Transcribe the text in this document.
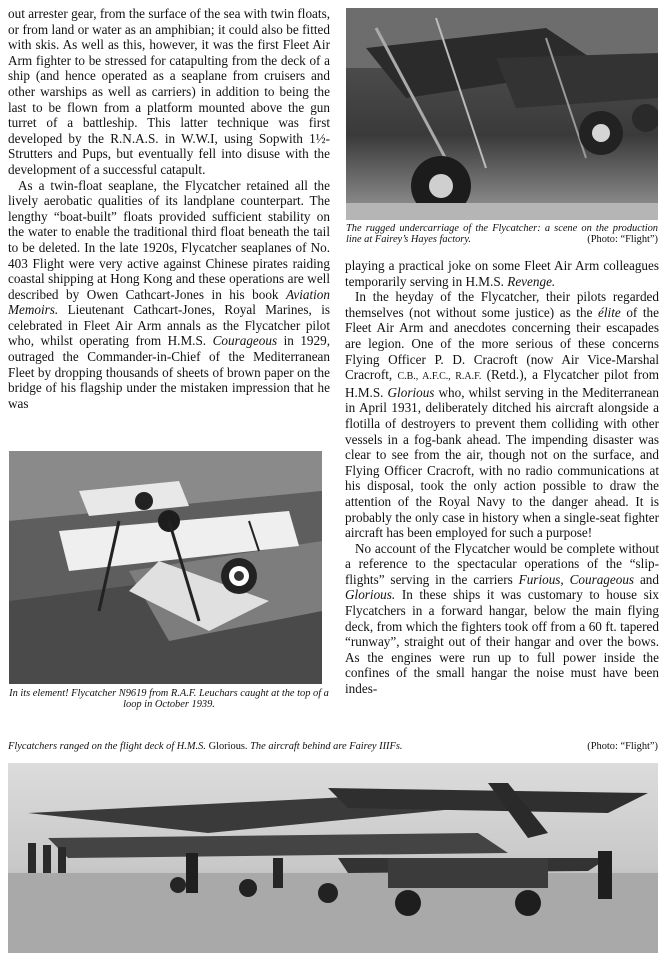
out arrester gear, from the surface of the sea with twin floats, or from land or water as an amphibian; it could also be fitted with skis. As well as this, however, it was the first Fleet Air Arm fighter to be stressed for catapulting from the deck of a ship (and hence operated as a seaplane from cruisers and other warships as well as carriers) in addition to being the last to be flown from a platform mounted above the gun turret of a battleship. This latter technique was first developed by the R.N.A.S. in W.W.I, using Sopwith 1½-Strutters and Pups, but eventually fell into disuse with the development of a successful catapult.

As a twin-float seaplane, the Flycatcher retained all the lively aerobatic qualities of its landplane counterpart. The lengthy “boat-built” floats provided sufficient stability on the water to enable the traditional third float beneath the tail to be deleted. In the late 1920s, Flycatcher seaplanes of No. 403 Flight were very active against Chinese pirates raiding coastal shipping at Hong Kong and these operations are well described by Owen Cathcart-Jones in his book Aviation Memoirs. Lieutenant Cathcart-Jones, Royal Marines, is celebrated in Fleet Air Arm annals as the Flycatcher pilot who, whilst operating from H.M.S. Courageous in 1929, outraged the Commander-in-Chief of the Mediterranean Fleet by dropping thousands of sheets of brown paper on the bridge of his flagship under the mistaken impression that he was

The rugged undercarriage of the Flycatcher: a scene on the production line at Fairey’s Hayes factory.	(Photo: “Flight”)

playing a practical joke on some Fleet Air Arm colleagues temporarily serving in H.M.S. Revenge.

In the heyday of the Flycatcher, their pilots regarded themselves (not without some justice) as the élite of the Fleet Air Arm and anecdotes concerning their escapades are legion. One of the more serious of these concerns Flying Officer P. D. Cracroft (now Air Vice-Marshal Cracroft, C.B., A.F.C., R.A.F. (Retd.), a Flycatcher pilot from H.M.S. Glorious who, whilst serving in the Mediterranean in April 1931, deliberately ditched his aircraft alongside a flotilla of destroyers to prevent them colliding with other vessels in a fog-bank ahead. The impending disaster was clear to see from the air, though not on the surface, and Flying Officer Cracroft, with no radio communications at his disposal, took the only action possible to draw the attention of the Royal Navy to the danger ahead. It is probably the only case in history when a single-seat fighter aircraft has been employed for such a purpose!

No account of the Flycatcher would be complete without a reference to the spectacular operations of the “slip-flights” serving in the carriers Furious, Courageous and Glorious. In these ships it was customary to house six Flycatchers in a forward hangar, below the main flying deck, from which the fighters took off from a 60 ft. tapered “runway”, straight out of their hangar and over the bows. As the engines were run up to full power inside the confines of the small hangar the noise must have been indes-

In its element! Flycatcher N9619 from R.A.F. Leuchars caught at the top of a loop in October 1939.
Flycatchers ranged on the flight deck of H.M.S. Glorious. The aircraft behind are Fairey IIIFs.	(Photo: “Flight”)
